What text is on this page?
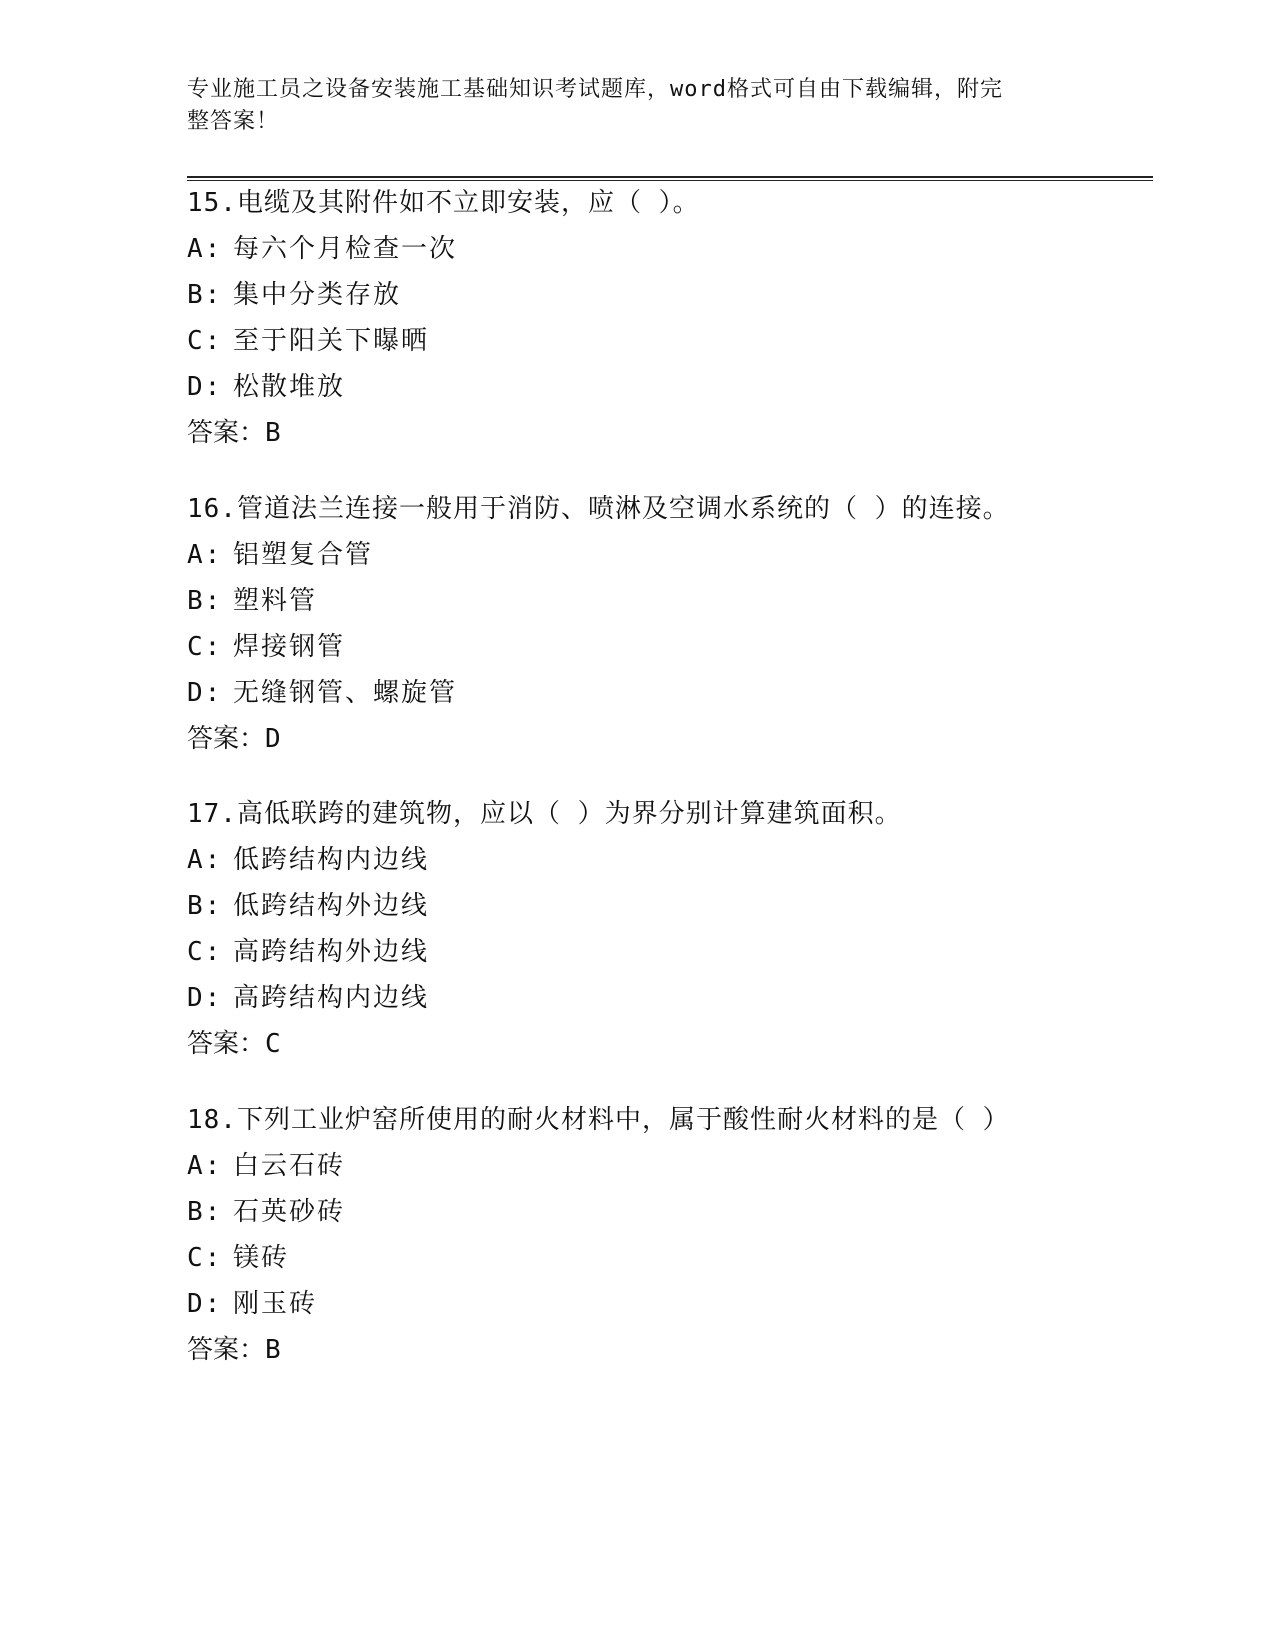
专业施工员之设备安装施工基础知识考试题库，word格式可自由下载编辑，附完
整答案！
15.电缆及其附件如不立即安装，应（ ）。
A: 每六个月检查一次
B: 集中分类存放
C: 至于阳关下曝晒
D: 松散堆放
答案：B
16.管道法兰连接一般用于消防、喷淋及空调水系统的（ ）的连接。
A: 铝塑复合管
B: 塑料管
C: 焊接钢管
D: 无缝钢管、螺旋管
答案：D
17.高低联跨的建筑物，应以（ ）为界分别计算建筑面积。
A: 低跨结构内边线
B: 低跨结构外边线
C: 高跨结构外边线
D: 高跨结构内边线
答案：C
18.下列工业炉窑所使用的耐火材料中，属于酸性耐火材料的是（ ）
A: 白云石砖
B: 石英砂砖
C: 镁砖
D: 刚玉砖
答案：B
